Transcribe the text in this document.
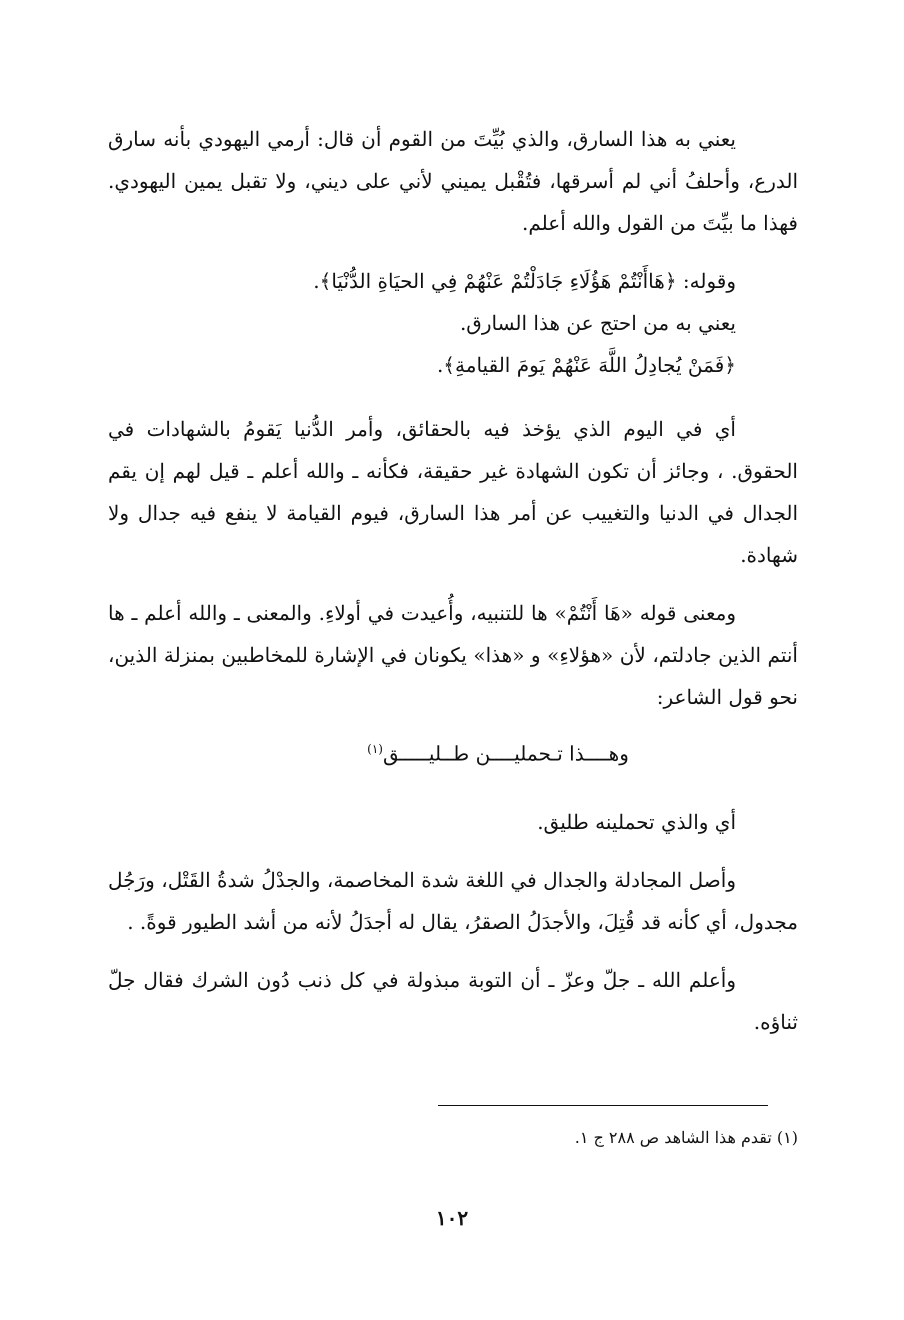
يعني به هذا السارق، والذي بُيِّتَ من القوم أن قال: أرمي اليهودي بأنه سارق الدرع، وأحلفُ أني لم أسرقها، فتُقْبل يميني لأني على ديني، ولا تقبل يمين اليهودي. فهذا ما بيِّتَ من القول والله أعلم.

وقوله: ﴿هَاأَنْتُمْ هَؤُلَاءِ جَادَلْتُمْ عَنْهُمْ فِي الحيَاةِ الدُّنْيَا﴾.
يعني به من احتج عن هذا السارق.
﴿فَمَنْ يُجادِلُ اللَّهَ عَنْهُمْ يَومَ القيامةِ﴾.

أي في اليوم الذي يؤخذ فيه بالحقائق، وأمر الدُّنيا يَقومُ بالشهادات في الحقوق. ، وجائز أن تكون الشهادة غير حقيقة، فكأنه ـ والله أعلم ـ قيل لهم إن يقم الجدال في الدنيا والتغييب عن أمر هذا السارق، فيوم القيامة لا ينفع فيه جدال ولا شهادة.

ومعنى قوله «هَا أَنْتُمْ» ها للتنبيه، وأُعيدت في أولاءِ. والمعنى ـ والله أعلم ـ ها أنتم الذين جادلتم، لأن «هؤلاءِ» و «هذا» يكونان في الإشارة للمخاطبين بمنزلة الذين، نحو قول الشاعر:

وهــــذا تـحمليــــن طــليـــــق$^{(١)}$

أي والذي تحملينه طليق.

وأصل المجادلة والجدال في اللغة شدة المخاصمة، والجدْلُ شدةُ القَتْل، ورَجُل مجدول، أي كأنه قد قُتِلَ، والأجدَلُ الصقرُ، يقال له أجدَلُ لأنه من أشد الطيور قوةً. .

وأعلم الله ـ جلّ وعزّ ـ أن التوبة مبذولة في كل ذنب دُون الشرك فقال جلّ ثناؤه.

(١) تقدم هذا الشاهد ص ٢٨٨ ج ١.
١٠٢
